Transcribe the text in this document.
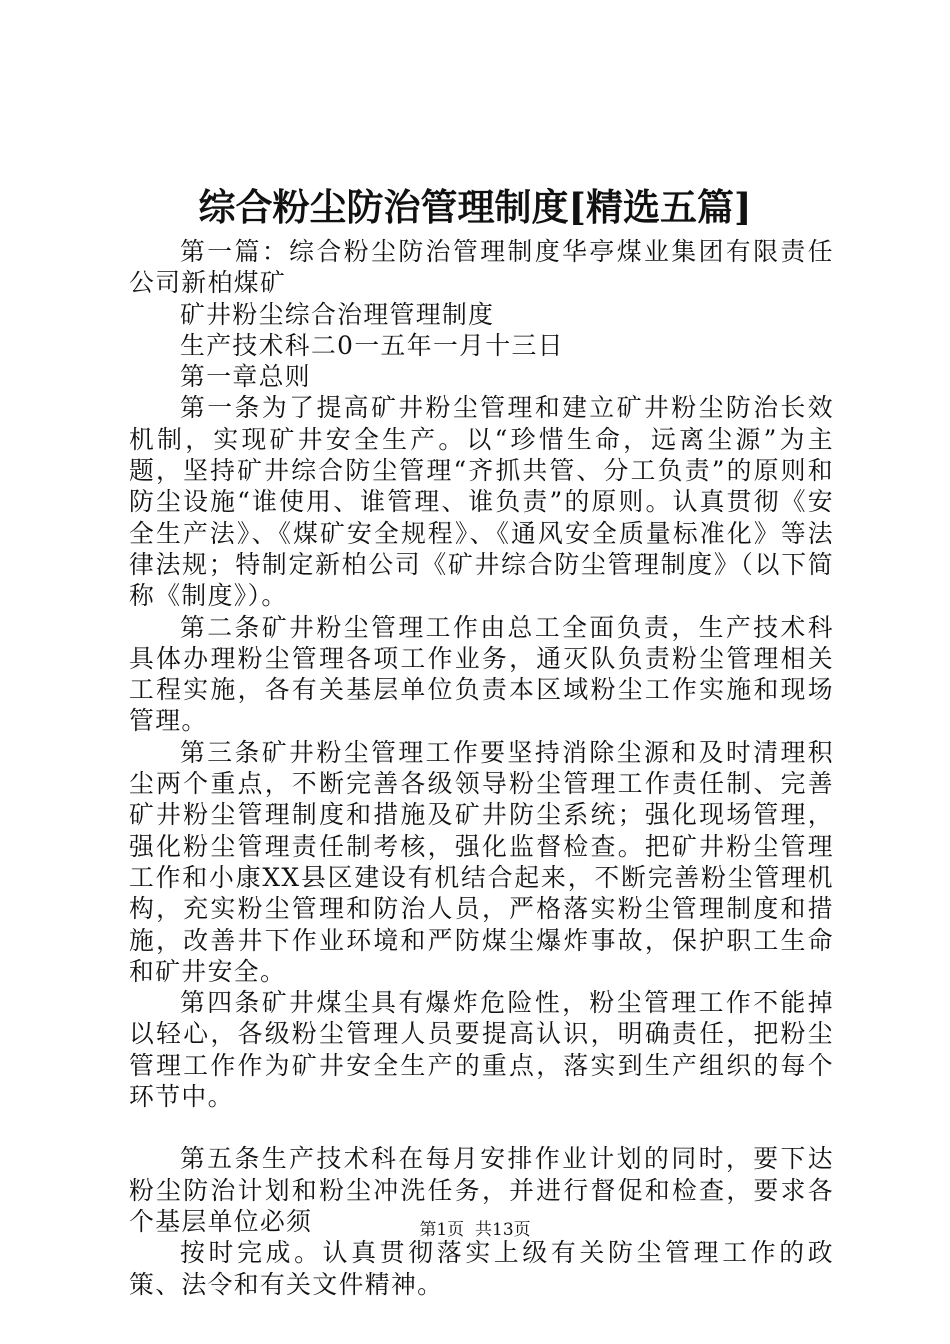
综合粉尘防治管理制度[精选五篇]

第一篇：综合粉尘防治管理制度华亭煤业集团有限责任公司新柏煤矿

矿井粉尘综合治理管理制度

生产技术科二0一五年一月十三日

第一章总则

第一条为了提高矿井粉尘管理和建立矿井粉尘防治长效机制，实现矿井安全生产。以“珍惜生命，远离尘源”为主题，坚持矿井综合防尘管理“齐抓共管、分工负责”的原则和防尘设施“谁使用、谁管理、谁负责”的原则。认真贯彻《安全生产法》、《煤矿安全规程》、《通风安全质量标准化》等法律法规；特制定新柏公司《矿井综合防尘管理制度》（以下简称《制度》）。

第二条矿井粉尘管理工作由总工全面负责，生产技术科具体办理粉尘管理各项工作业务，通灭队负责粉尘管理相关工程实施，各有关基层单位负责本区域粉尘工作实施和现场管理。

第三条矿井粉尘管理工作要坚持消除尘源和及时清理积尘两个重点，不断完善各级领导粉尘管理工作责任制、完善矿井粉尘管理制度和措施及矿井防尘系统；强化现场管理，强化粉尘管理责任制考核，强化监督检查。把矿井粉尘管理工作和小康XX县区建设有机结合起来，不断完善粉尘管理机构，充实粉尘管理和防治人员，严格落实粉尘管理制度和措施，改善井下作业环境和严防煤尘爆炸事故，保护职工生命和矿井安全。

第四条矿井煤尘具有爆炸危险性，粉尘管理工作不能掉以轻心，各级粉尘管理人员要提高认识，明确责任，把粉尘管理工作作为矿井安全生产的重点，落实到生产组织的每个环节中。

第五条生产技术科在每月安排作业计划的同时，要下达粉尘防治计划和粉尘冲洗任务，并进行督促和检查，要求各个基层单位必须

按时完成。认真贯彻落实上级有关防尘管理工作的政策、法令和有关文件精神。

第1页 共13页
